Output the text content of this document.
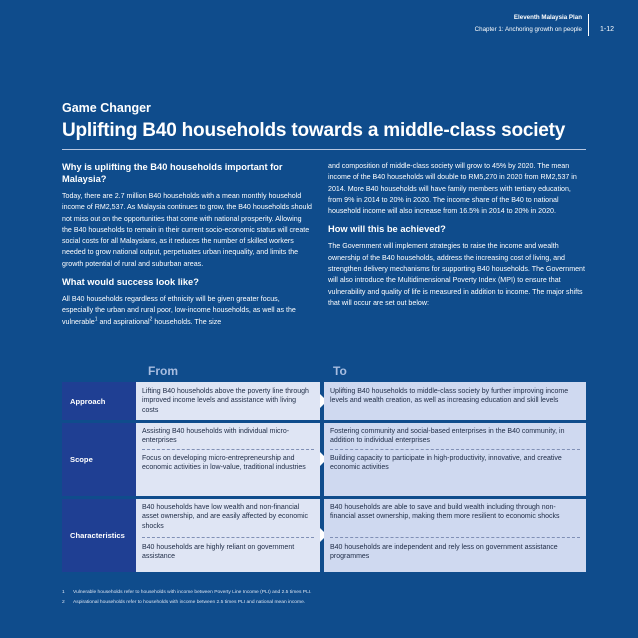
Eleventh Malaysia Plan
Chapter 1: Anchoring growth on people	1-12
Game Changer
Uplifting B40 households towards a middle-class society
Why is uplifting the B40 households important for Malaysia?

Today, there are 2.7 million B40 households with a mean monthly household income of RM2,537. As Malaysia continues to grow, the B40 households should not miss out on the opportunities that come with national prosperity. Allowing the B40 households to remain in their current socio-economic status will create social costs for all Malaysians, as it reduces the number of skilled workers needed to grow national output, perpetuates urban inequality, and limits the growth potential of rural and suburban areas.

What would success look like?

All B40 households regardless of ethnicity will be given greater focus, especially the urban and rural poor, low-income households, as well as the vulnerable$^1$ and aspirational$^2$ households. The size

and composition of middle-class society will grow to 45% by 2020. The mean income of the B40 households will double to RM5,270 in 2020 from RM2,537 in 2014. More B40 households will have family members with tertiary education, from 9% in 2014 to 20% in 2020. The income share of the B40 to national household income will also increase from 16.5% in 2014 to 20% in 2020.

How will this be achieved?

The Government will implement strategies to raise the income and wealth ownership of the B40 households, address the increasing cost of living, and strengthen delivery mechanisms for supporting B40 households. The Government will also introduce the Multidimensional Poverty Index (MPI) to ensure that vulnerability and quality of life is measured in addition to income. The major shifts that will occur are set out below:

From	To
Approach
Lifting B40 households above the poverty line through improved income levels and assistance with living costs
Uplifting B40 households to middle-class society by further improving income levels and wealth creation, as well as increasing education and skill levels
Scope
Assisting B40 households with individual micro-enterprises
Focus on developing micro-entrepreneurship and economic activities in low-value, traditional industries
Fostering community and social-based enterprises in the B40 community, in addition to individual enterprises
Building capacity to participate in high-productivity, innovative, and creative economic activities
Characteristics
B40 households have low wealth and non-financial asset ownership, and are easily affected by economic shocks
B40 households are highly reliant on government assistance
B40 households are able to save and build wealth including through non-financial asset ownership, making them more resilient to economic shocks
B40 households are independent and rely less on government assistance programmes
1 Vulnerable households refer to households with income between Poverty Line Income (PLI) and 2.5 times PLI.
2 Aspirational households refer to households with income between 2.5 times PLI and national mean income.
